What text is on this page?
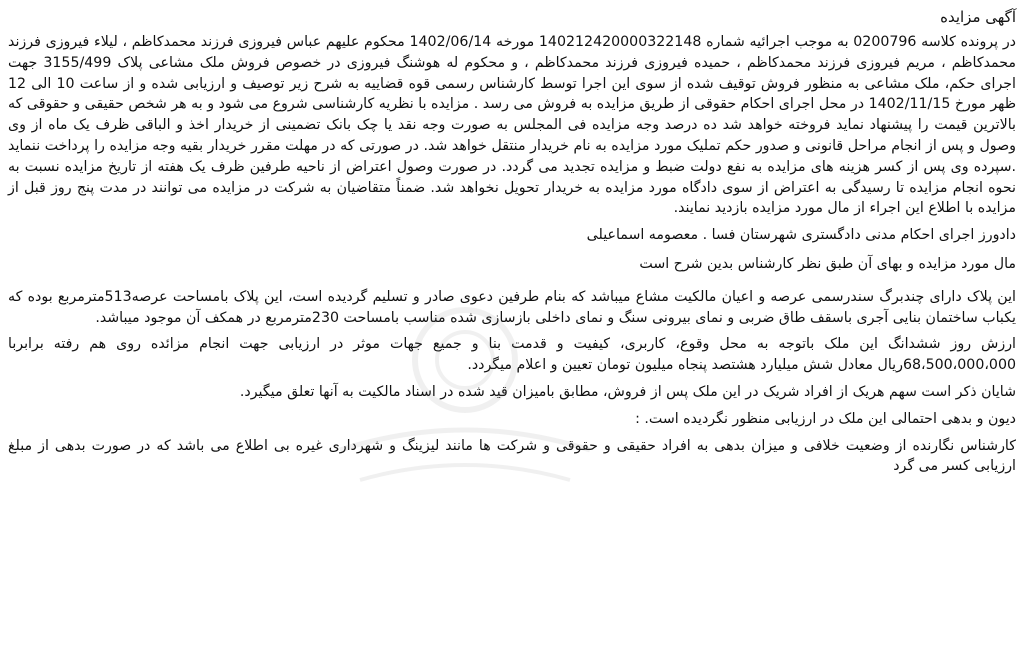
آگهی مزایده

در پرونده کلاسه 0200796 به موجب اجرائیه شماره 140212420000322148 مورخه 1402/06/14 محکوم علیهم عباس فیروزی فرزند محمدکاظم ، لیلاء فیروزی فرزند محمدکاظم ، مریم فیروزی فرزند محمدکاظم ، حمیده فیروزی فرزند محمدکاظم ، و محکوم له هوشنگ فیروزی در خصوص فروش ملک مشاعی پلاک 3155/499 جهت اجرای حکم، ملک مشاعی به منظور فروش توقیف شده از سوی این اجرا توسط کارشناس رسمی قوه قضاییه به شرح زیر توصیف و ارزیابی شده و از ساعت 10 الی 12 ظهر مورخ 1402/11/15 در محل اجرای احکام حقوقی از طریق مزایده به فروش می رسد . مزایده با نظریه کارشناسی شروع می شود و به هر شخص حقیقی و حقوقی که بالاترین قیمت را پیشنهاد نماید فروخته خواهد شد ده درصد وجه مزایده فی المجلس به صورت وجه نقد یا چک بانک تضمینی از خریدار اخذ و الباقی ظرف یک ماه از وی وصول و پس از انجام مراحل قانونی و صدور حکم تملیک مورد مزایده به نام خریدار منتقل خواهد شد. در صورتی که در مهلت مقرر خریدار بقیه وجه مزایده را پرداخت ننماید .سپرده وی پس از کسر هزینه های مزایده به نفع دولت ضبط و مزایده تجدید می گردد. در صورت وصول اعتراض از ناحیه طرفین ظرف یک هفته از تاریخ مزایده نسبت به نحوه انجام مزایده تا رسیدگی به اعتراض از سوی دادگاه مورد مزایده به خریدار تحویل نخواهد شد. ضمناً متقاضیان به شرکت در مزایده می توانند در مدت پنج روز قبل از مزایده با اطلاع این اجراء از مال مورد مزایده بازدید نمایند.

دادورز اجرای احکام مدنی دادگستری شهرستان فسا . معصومه اسماعیلی
مال مورد مزایده و بهای آن طبق نظر کارشناس بدین شرح است

این پلاک دارای چندبرگ سندرسمی عرصه و اعیان مالکیت مشاع میباشد که بنام طرفین دعوی صادر و تسلیم گردیده است، این پلاک بامساحت عرصه513مترمربع بوده که یکباب ساختمان بنایی آجری باسقف طاق ضربی و نمای بیرونی سنگ و نمای داخلی بازسازی شده مناسب بامساحت 230مترمربع در همکف آن موجود میباشد.

ارزش روز ششدانگ این ملک باتوجه به محل وقوع، کاربری، کیفیت و قدمت بنا و جمیع جهات موثر در ارزیابی جهت انجام مزائده روی هم رفته برابربا 68،500،000،000ریال معادل شش میلیارد هشتصد پنجاه میلیون تومان تعیین و اعلام میگردد.

شایان ذکر است سهم هریک از افراد شریک در این ملک پس از فروش، مطابق بامیزان قید شده در اسناد مالکیت به آنها تعلق میگیرد.

دیون و بدهی احتمالی این ملک در ارزیابی منظور نگردیده است. :

کارشناس نگارنده از وضعیت خلافی و میزان بدهی به افراد حقیقی و حقوقی و شرکت ها مانند لیزینگ و شهرداری غیره بی اطلاع می باشد که در صورت بدهی از مبلغ ارزیابی کسر می گرد
